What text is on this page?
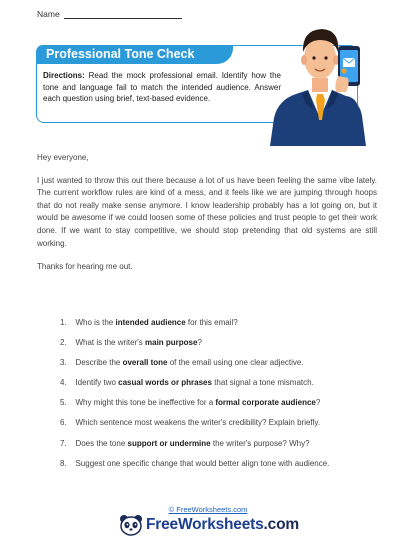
Name
Professional Tone Check
Directions: Read the mock professional email. Identify how the tone and language fail to match the intended audience. Answer each question using brief, text-based evidence.

Hey everyone,

I just wanted to throw this out there because a lot of us have been feeling the same vibe lately. The current workflow rules are kind of a mess, and it feels like we are jumping through hoops that do not really make sense anymore. I know leadership probably has a lot going on, but it would be awesome if we could loosen some of these policies and trust people to get their work done. If we want to stay competitive, we should stop pretending that old systems are still working.

Thanks for hearing me out.

1.	Who is the intended audience for this email?
2.	What is the writer's main purpose?
3.	Describe the overall tone of the email using one clear adjective.
4.	Identify two casual words or phrases that signal a tone mismatch.
5.	Why might this tone be ineffective for a formal corporate audience?
6.	Which sentence most weakens the writer's credibility? Explain briefly.
7.	Does the tone support or undermine the writer's purpose? Why?
8.	Suggest one specific change that would better align tone with audience.
© FreeWorksheets.com
FreeWorksheets.com
